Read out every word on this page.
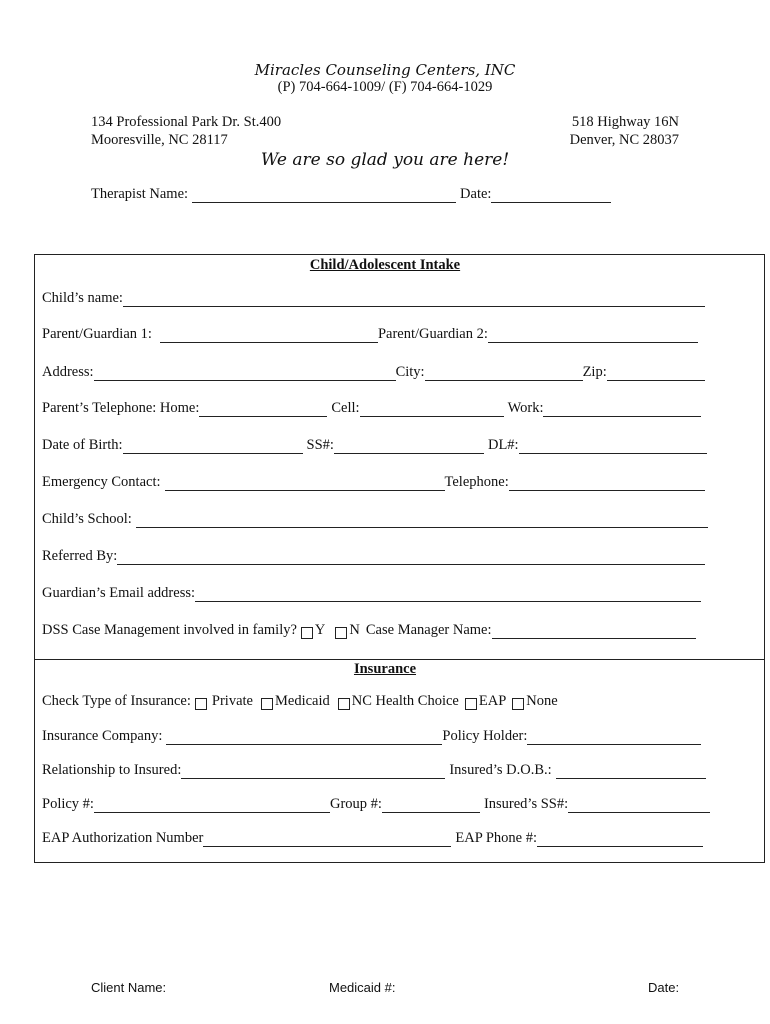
Miracles Counseling Centers, INC
(P) 704-664-1009/ (F) 704-664-1029
134 Professional Park Dr. St.400
Mooresville, NC 28117
518 Highway 16N
Denver, NC 28037
We are so glad you are here!
Therapist Name:	Date:
Child/Adolescent Intake
Child’s name:
Parent/Guardian 1:	Parent/Guardian 2:
Address:	City:	Zip:
Parent’s Telephone: Home:	Cell:	Work:
Date of Birth:	SS#:	DL#:
Emergency Contact:	Telephone:
Child’s School:
Referred By:
Guardian’s Email address:
DSS Case Management involved in family? Y N Case Manager Name:
Insurance
Check Type of Insurance: Private Medicaid NC Health Choice EAP None
Insurance Company:	Policy Holder:
Relationship to Insured:	Insured’s D.O.B.:
Policy #:	Group #:	Insured’s SS#:
EAP Authorization Number	EAP Phone #:
Client Name:	Medicaid #:	Date:
